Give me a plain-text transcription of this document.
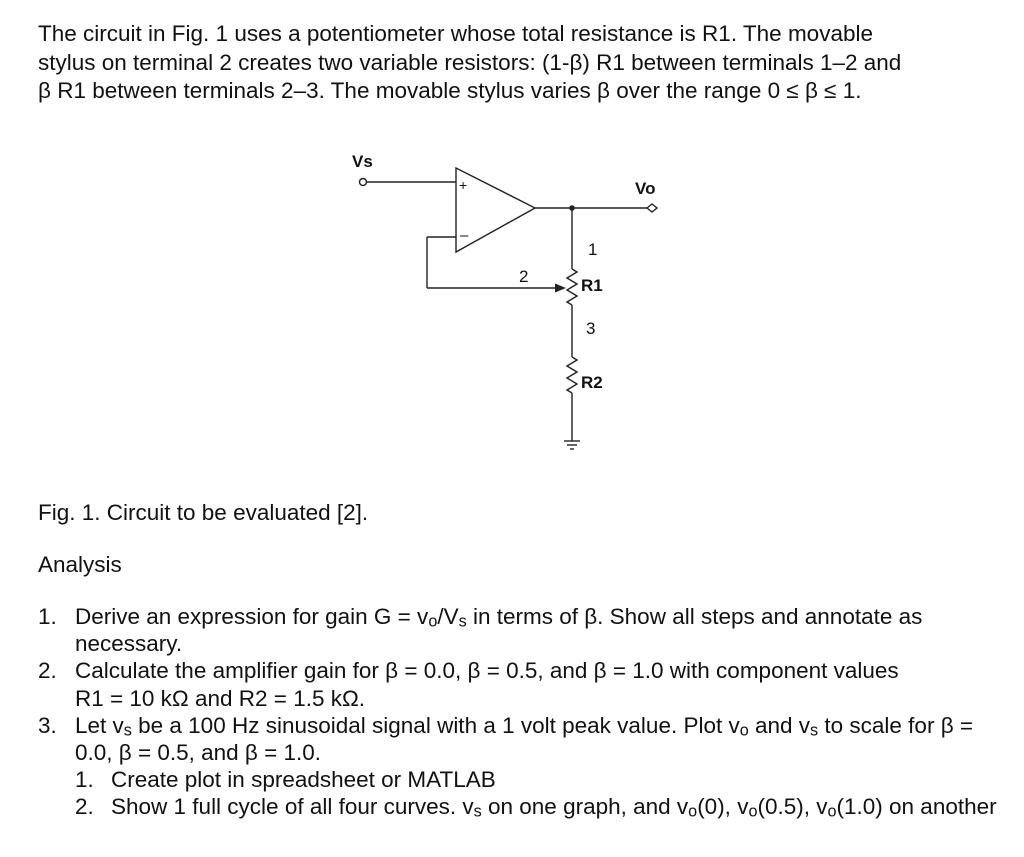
The circuit in Fig. 1 uses a potentiometer whose total resistance is R1. The movable
stylus on terminal 2 creates two variable resistors: (1-β) R1 between terminals 1–2 and
β R1 between terminals 2–3. The movable stylus varies β over the range 0 ≤ β ≤ 1.
Vs
Vo
+
–
1
2
3
R1
R2
Fig. 1. Circuit to be evaluated [2].
Analysis
1. Derive an expression for gain $G = v_o/V_s$ in terms of β. Show all steps and annotate as necessary.
2. Calculate the amplifier gain for β = 0.0, β = 0.5, and β = 1.0 with component values
R1 = 10 kΩ and R2 = 1.5 kΩ.
3. Let $v_s$ be a 100 Hz sinusoidal signal with a 1 volt peak value. Plot $v_o$ and $v_s$ to scale for β = 0.0, β = 0.5, and β = 1.0.
1. Create plot in spreadsheet or MATLAB
2. Show 1 full cycle of all four curves. $v_s$ on one graph, and $v_o(0)$, $v_o(0.5)$, $v_o(1.0)$ on another
